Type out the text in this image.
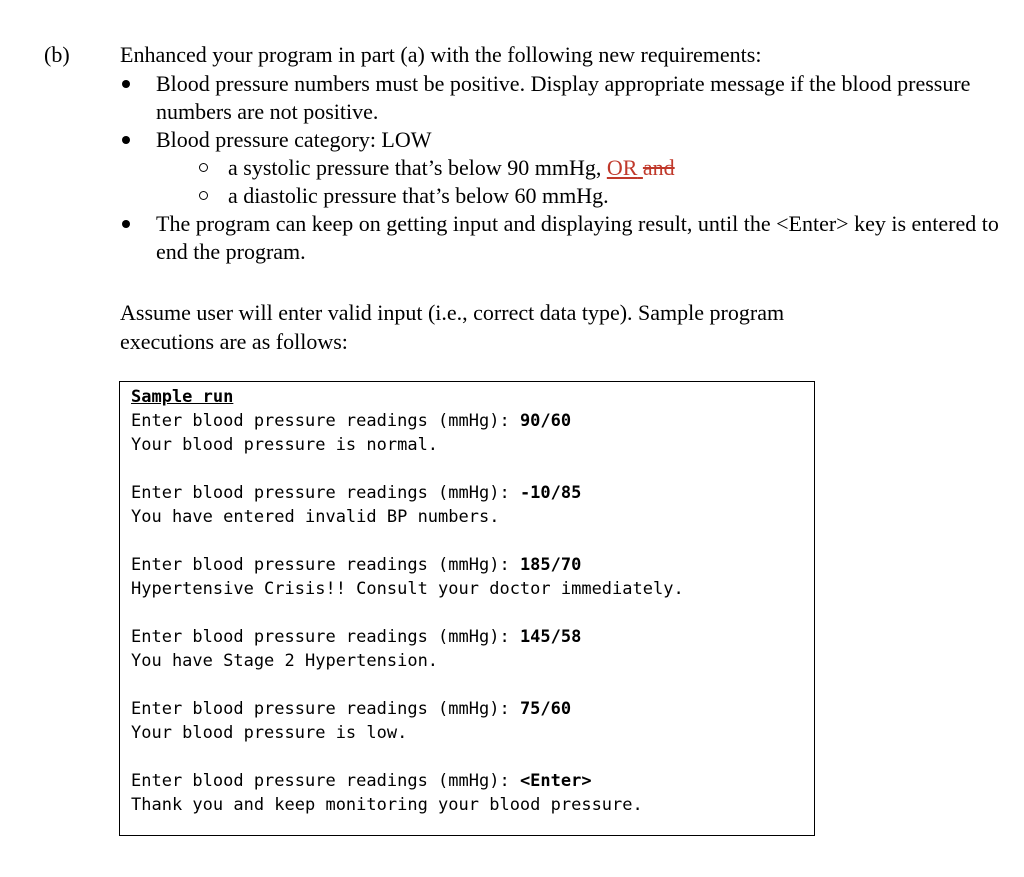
(b) Enhanced your program in part (a) with the following new requirements:
Blood pressure numbers must be positive. Display appropriate message if the blood pressure numbers are not positive.
Blood pressure category: LOW
a systolic pressure that’s below 90 mmHg, OR and
a diastolic pressure that’s below 60 mmHg.
The program can keep on getting input and displaying result, until the <Enter> key is entered to end the program.
Assume user will enter valid input (i.e., correct data type). Sample program executions are as follows:
Sample run
Enter blood pressure readings (mmHg): 90/60
Your blood pressure is normal.
Enter blood pressure readings (mmHg): -10/85
You have entered invalid BP numbers.
Enter blood pressure readings (mmHg): 185/70
Hypertensive Crisis!! Consult your doctor immediately.
Enter blood pressure readings (mmHg): 145/58
You have Stage 2 Hypertension.
Enter blood pressure readings (mmHg): 75/60
Your blood pressure is low.
Enter blood pressure readings (mmHg): <Enter>
Thank you and keep monitoring your blood pressure.
